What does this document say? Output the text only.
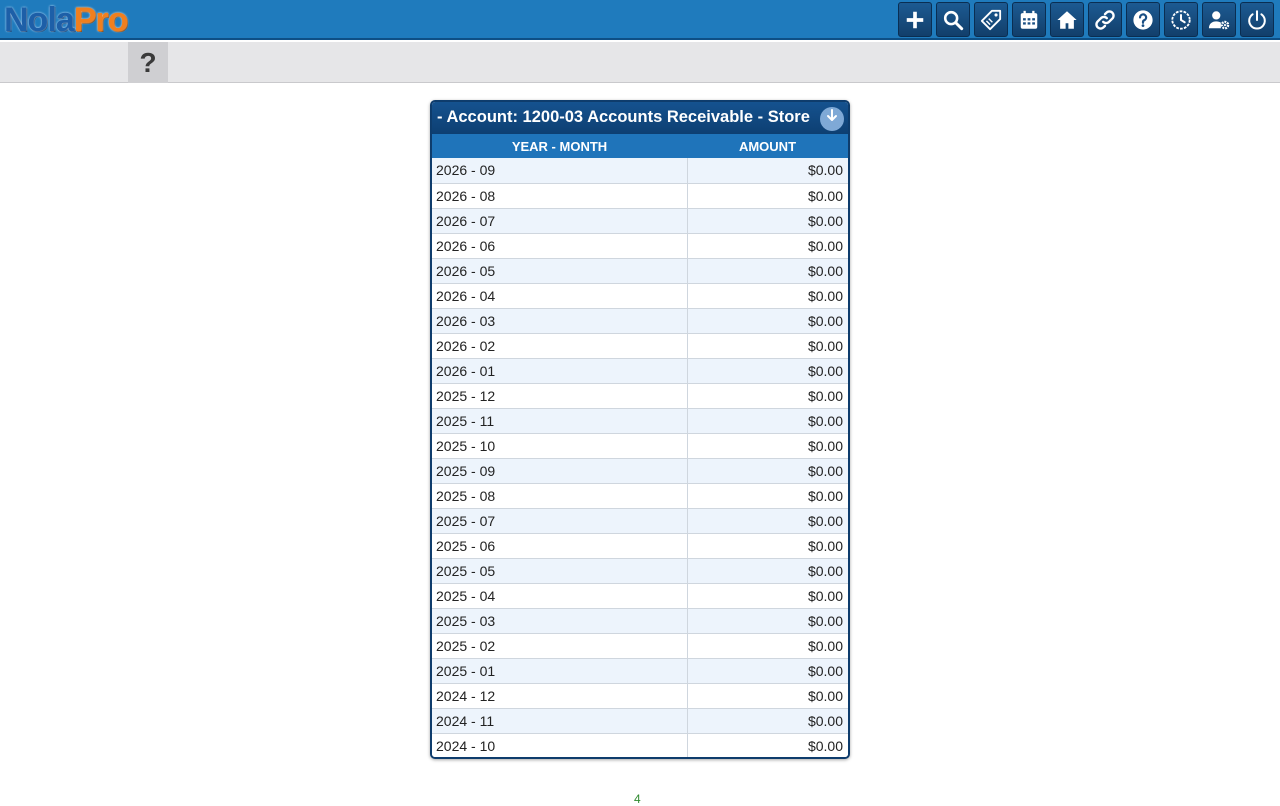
NolaPro
?
- Account: 1200-03 Accounts Receivable - Store
YEAR - MONTH	AMOUNT
2026 - 09	$0.00
2026 - 08	$0.00
2026 - 07	$0.00
2026 - 06	$0.00
2026 - 05	$0.00
2026 - 04	$0.00
2026 - 03	$0.00
2026 - 02	$0.00
2026 - 01	$0.00
2025 - 12	$0.00
2025 - 11	$0.00
2025 - 10	$0.00
2025 - 09	$0.00
2025 - 08	$0.00
2025 - 07	$0.00
2025 - 06	$0.00
2025 - 05	$0.00
2025 - 04	$0.00
2025 - 03	$0.00
2025 - 02	$0.00
2025 - 01	$0.00
2024 - 12	$0.00
2024 - 11	$0.00
2024 - 10	$0.00
4
